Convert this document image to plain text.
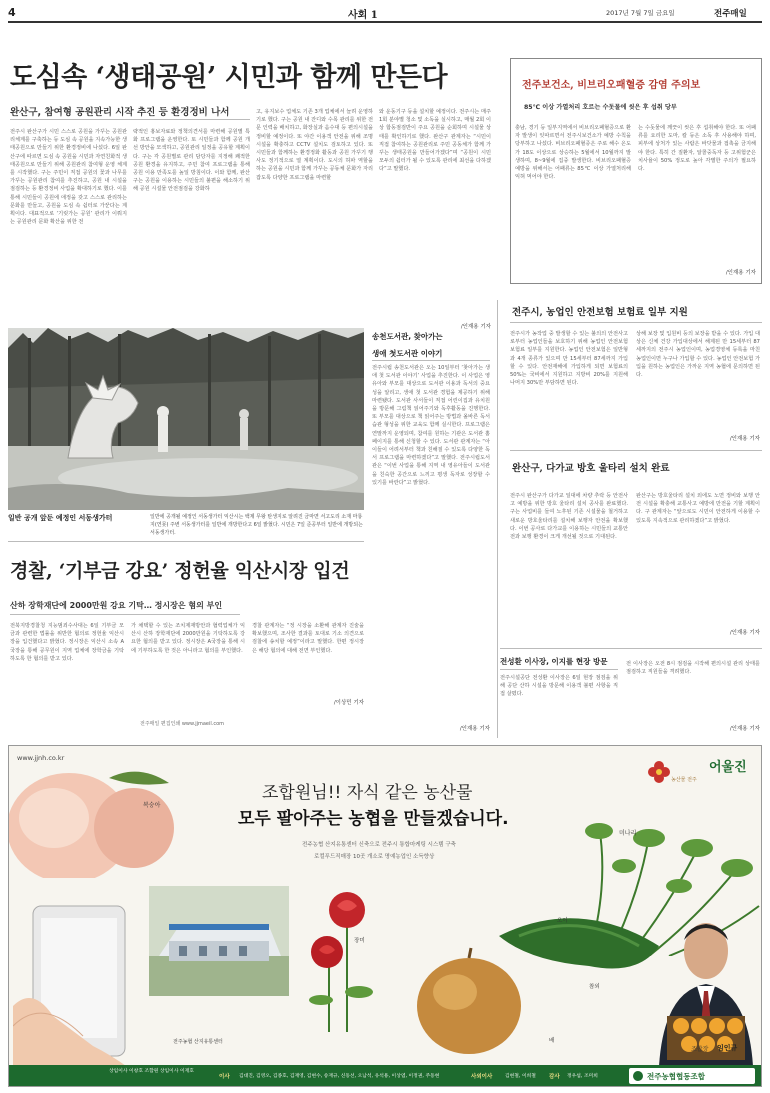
4	사회 1	2017년 7월 7일 금요일	전주매일
도심속 ‘생태공원’ 시민과 함께 만든다
완산구, 참여형 공원관리 시작 추진 등 환경정비 나서
전주시 완산구가 시민 스스로 공원을 가꾸는 공원관리체계를 구축하는 등 도심 속 공원을 지속가능한 생태공원으로 만들기 위한 환경정비에 나섰다. 6일 완산구에 따르면 도심 속 공원을 시민과 자연친화적 생태공원으로 만들기 위해 공원관리 참여형 운영 체계를 시작했다. 구는 주민이 직접 공원의 꽃과 나무를 가꾸는 공원관리 참여를 추진하고, 공원 내 시설을 점검하는 등 환경정비 사업을 확대하기로 했다. 이를 통해 시민들이 공원에 애정을 갖고 스스로 관리하는 문화를 만들고, 공원을 도심 속 쉼터로 가꾼다는 계획이다. 대표적으로 ‘기릿가는 공원’ 관리가 이뤄지는 공원관리 문화 확산을 위한 전
략적인 홍보자료와 정책의견서를 마련해 공원별 특화 프로그램을 운영한다. 또 시민들과 함께 공원 개선 방안을 모색하고, 공원관리 일정을 공유할 계획이다. 구는 각 공원별로 관리 담당자를 지정해 쾌적한 공원 환경을 유지하고, 주민 참여 프로그램을 통해 공원 이용 만족도를 높일 방침이다. 이와 함께, 완산구는 공원을 이용하는 시민들의 불편을 해소하기 위해 공원 시설물 안전점검을 강화하
고, 유지보수 업체도 기존 3개 업체에서 늘려 운영하기로 했다. 구는 공원 내 잔디와 수목 관리를 위한 전문 인력을 배치하고, 화장실과 음수대 등 편의시설을 정비할 예정이다. 또 야간 이용객 안전을 위해 조명시설을 확충하고 CCTV 설치도 검토하고 있다. 또 시민들과 함께하는 환경정화 활동과 공원 가꾸기 행사도 정기적으로 열 계획이다. 도시의 허파 역할을 하는 공원을 시민과 함께 가꾸는 공동체 문화가 자리잡도록 다양한 프로그램을 마련할
와 운동기구 등을 설치할 예정이다. 전주시는 매주 1회 분야별 청소 및 소독을 실시하고, 매월 2회 이상 합동점검반이 주요 공원을 순회하며 시설물 상태를 확인하기로 했다. 완산구 관계자는 “시민이 직접 참여하는 공원관리로 주민 공동체가 함께 가꾸는 생태공원을 만들어가겠다”며 “공원이 시민 모두의 쉼터가 될 수 있도록 관리에 최선을 다하겠다”고 말했다.
/인재용 기자
일반 공개 앞둔 예정인 서동생가터	일반에 공개될 예정인 서동생가터 익산시는 백제 무왕 탄생지로 알려진 금마면 서고도리 소재 마룡지(연못) 주변 서동생가터를 일반에 개방한다고 6일 밝혔다. 시민은 7일 준공부터 일반에 개방되는 서동생가터.
송천도서관, 찾아가는
생애 첫도서관 이야기
전주시립 송천도서관은 오는 10일부터 ‘찾아가는 생애 첫 도서관 이야기’ 사업을 추진한다. 이 사업은 영유아와 부모를 대상으로 도서관 이용과 독서의 중요성을 알리고, 생애 첫 도서관 경험을 제공하기 위해 마련됐다. 도서관 사서들이 직접 어린이집과 유치원을 방문해 그림책 읽어주기와 독후활동을 진행한다. 또 부모를 대상으로 책 읽어주는 방법과 올바른 독서 습관 형성을 위한 교육도 함께 실시한다. 프로그램은 연말까지 운영되며, 참여를 원하는 기관은 도서관 홈페이지를 통해 신청할 수 있다. 도서관 관계자는 “아이들이 어려서부터 책과 친해질 수 있도록 다양한 독서 프로그램을 마련하겠다”고 말했다. 전주시립도서관은 “이번 사업을 통해 지역 내 영유아들이 도서관을 친숙한 공간으로 느끼고 평생 독자로 성장할 수 있기를 바란다”고 밝혔다.
/인재용 기자
경찰, ‘기부금 강요’ 정헌율 익산시장 입건
산하 장학재단에 2000만원 강요 기탁… 정시장은 혐의 부인
전북지방경찰청 지능범죄수사대는 6일 기부금 모금과 관련한 법률을 위반한 혐의로 정헌율 익산시장을 입건했다고 밝혔다. 정시장은 익산시 소속 A국장을 통해 공무원이 지역 업체에 장학금을 기탁하도록 한 혐의를 받고 있다.
가 채택할 수 있는 조치제재방안과 협력업체가 익산시 산하 장학재단에 2000만원을 기탁하도록 강요한 혐의를 받고 있다. 정시장은 A국장을 통해 시에 기부하도록 한 것은 아니라고 혐의를 부인했다.
경찰 관계자는 “정 시장을 소환해 관계자 진술을 확보했으며, 조사한 결과를 토대로 기소 의견으로 검찰에 송치할 예정”이라고 말했다. 한편 정시장은 해당 혐의에 대해 전면 부인했다.
/이상민 기자
전주매일 편집인쇄 www.jjmaeil.com
전성환 이사장, 이지를 현장 방문
전주시설공단 전성환 이사장은 6일 현장 점검을 위해 공단 산하 시설을 방문해 이용객 불편 사항을 직접 살폈다.
전 이사장은 오전 8시 점검을 시작해 편의시설 관리 상태를 점검하고 직원들을 격려했다.
/인재용 기자
전주보건소, 비브리오패혈증 감염 주의보
85℃ 이상 가열처리 호르는 수돗물에 씻은 후 섭취 당부
충남, 경기 등 일부지역에서 비브리오패혈증으로 환자 발생이 잇따르면서 전주시보건소가 예방 수칙을 당부하고 나섰다. 비브리오패혈증은 주로 해수 온도가 18도 이상으로 상승하는 5월에서 10월까지 발생하며, 8~9월에 집중 발생한다. 비브리오패혈증 예방을 위해서는 어패류는 85℃ 이상 가열처리해 익혀 먹어야 한다.
는 수돗물에 깨끗이 씻은 후 섭취해야 한다. 또 어패류를 요리한 도마, 칼 등은 소독 후 사용해야 하며, 피부에 상처가 있는 사람은 바닷물과 접촉을 금지해야 한다. 특히 간 질환자, 알콜중독자 등 고위험군은 치사율이 50% 정도로 높아 각별한 주의가 필요하다.
/인재용 기자
전주시, 농업인 안전보험 보험료 일부 지원
전주시가 농작업 중 발생할 수 있는 불의의 안전사고로부터 농업인들을 보호하기 위해 농업인 안전보험 보험료 일부를 지원한다. 농업인 안전보험은 일반형과 4개 종류가 있으며 만 15세부터 87세까지 가입할 수 있다. 안전재해에 가입하게 되면 보험료의 50%는 국비에서 지원하고 지방비 20%를 지원해 나머지 30%만 부담하면 된다.
상해 보장 및 입원비 등의 보장을 받을 수 있다. 가입 대상은 신체 건강 가입대상에서 해제된 만 15세부터 87세까지의 전주시 농업인이며, 농업경영체 등록을 마친 농업인이면 누구나 가입할 수 있다. 농업인 안전보험 가입을 원하는 농업인은 가까운 지역 농협에 문의하면 된다.
/인재용 기자
완산구, 다가교 방호 울타리 설치 완료
전주시 완산구가 다가교 일대에 차량 추락 등 안전사고 예방을 위한 방호 울타리 설치 공사를 완료했다. 구는 사업비를 들여 노후된 기존 시설물을 철거하고 새로운 방호울타리를 설치해 보행자 안전을 확보했다. 이번 공사로 다가교를 이용하는 시민들의 교통안전과 보행 환경이 크게 개선될 것으로 기대된다.
완산구는 방호울타리 설치 외에도 노면 정비와 보행 안전 시설을 확충해 교통사고 예방에 만전을 기할 계획이다. 구 관계자는 “앞으로도 시민이 안전하게 이용할 수 있도록 지속적으로 관리하겠다”고 밝혔다.
/인재용 기자
www.jjnh.co.kr
복숭아
조합원님!! 자식 같은 농산물
모두 팔아주는 농협을 만들겠습니다.
전주농협 산지유통센터 신축으로 전주시 통합마케팅 시스템 구축
로컬푸드직매장 10곳 개소로 명예농업인 소득향상
농산물 전주
어울진
미나리
전주농협 산지유통센터
장미
배
오이
참외
조합장 임인규
상임이사 이창호 조합원 상임이사 이재호
이사 김대진, 김영오, 김종호, 김재영, 김현수, 송재규, 신동선, 오남석, 유석용, 이상엽, 이정권, 주동현	사외이사	김현철, 이희철 감사 정우섭, 조미희	전주농협협동조합
